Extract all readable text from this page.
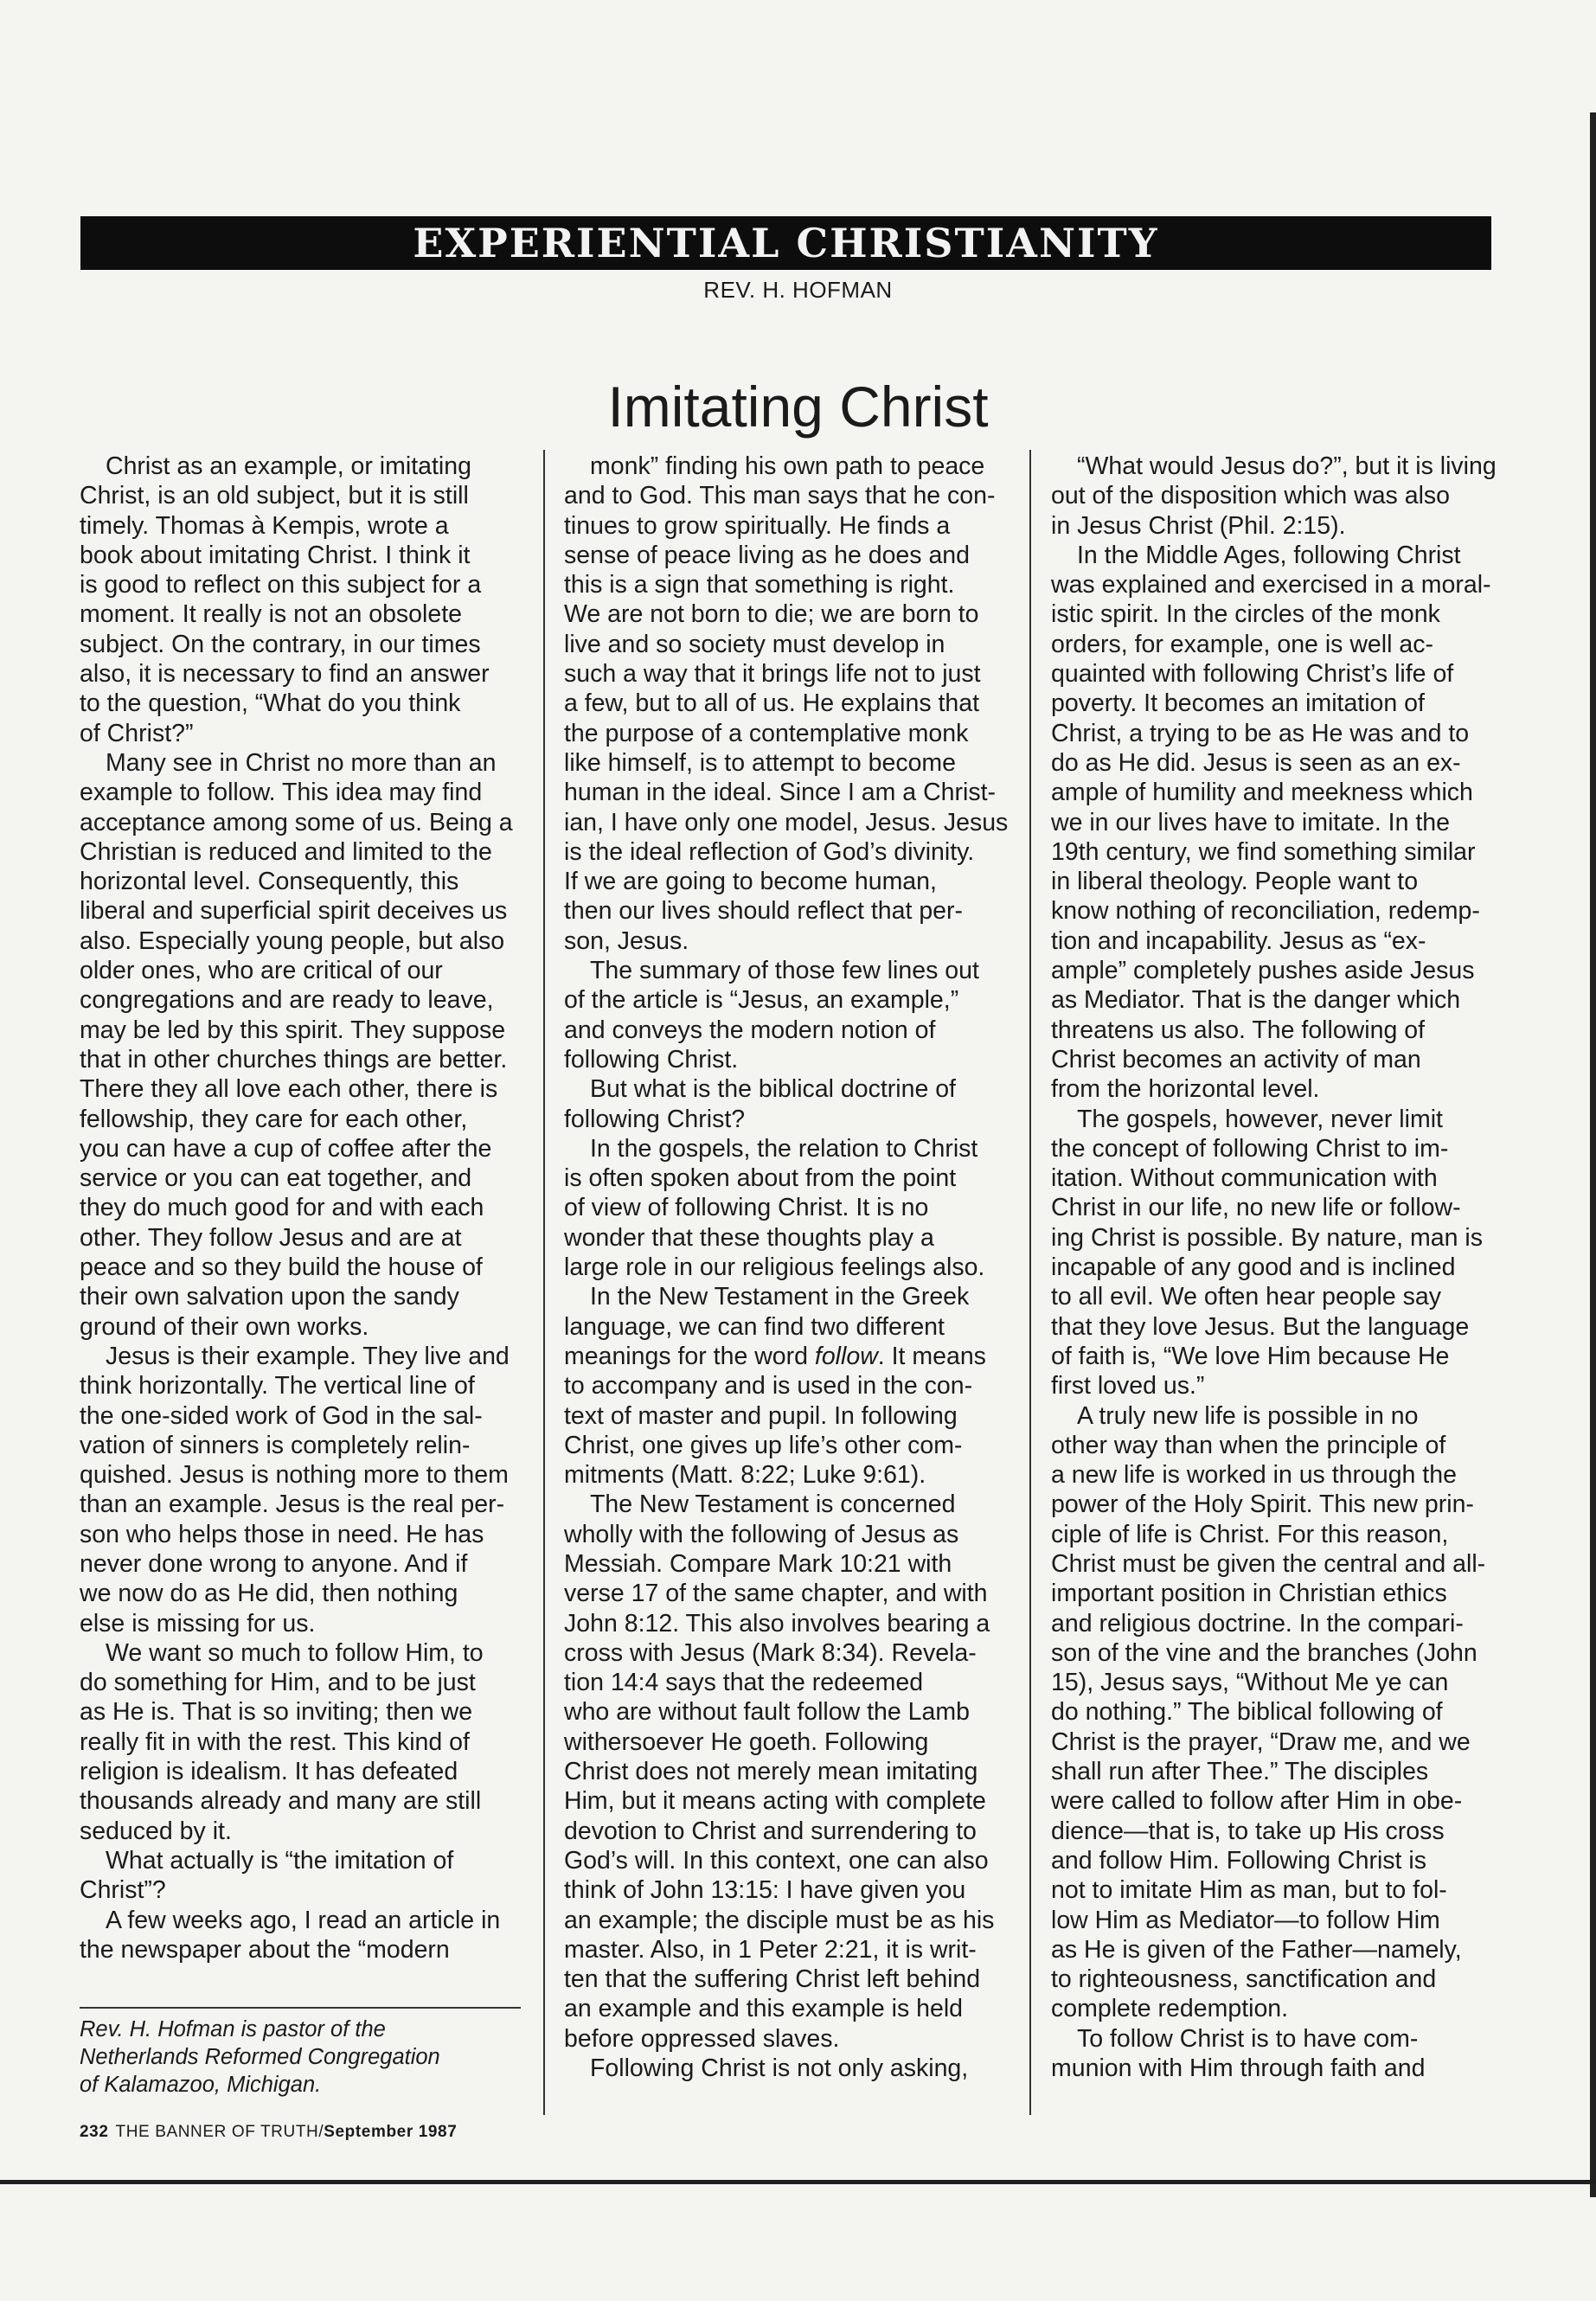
EXPERIENTIAL CHRISTIANITY
REV. H. HOFMAN
Imitating Christ

Christ as an example, or imitating
Christ, is an old subject, but it is still
timely. Thomas à Kempis, wrote a
book about imitating Christ. I think it
is good to reflect on this subject for a
moment. It really is not an obsolete
subject. On the contrary, in our times
also, it is necessary to find an answer
to the question, “What do you think
of Christ?”

Many see in Christ no more than an
example to follow. This idea may find
acceptance among some of us. Being a
Christian is reduced and limited to the
horizontal level. Consequently, this
liberal and superficial spirit deceives us
also. Especially young people, but also
older ones, who are critical of our
congregations and are ready to leave,
may be led by this spirit. They suppose
that in other churches things are better.
There they all love each other, there is
fellowship, they care for each other,
you can have a cup of coffee after the
service or you can eat together, and
they do much good for and with each
other. They follow Jesus and are at
peace and so they build the house of
their own salvation upon the sandy
ground of their own works.

Jesus is their example. They live and
think horizontally. The vertical line of
the one-sided work of God in the sal-
vation of sinners is completely relin-
quished. Jesus is nothing more to them
than an example. Jesus is the real per-
son who helps those in need. He has
never done wrong to anyone. And if
we now do as He did, then nothing
else is missing for us.

We want so much to follow Him, to
do something for Him, and to be just
as He is. That is so inviting; then we
really fit in with the rest. This kind of
religion is idealism. It has defeated
thousands already and many are still
seduced by it.

What actually is “the imitation of
Christ”?

A few weeks ago, I read an article in
the newspaper about the “modern

monk” finding his own path to peace
and to God. This man says that he con-
tinues to grow spiritually. He finds a
sense of peace living as he does and
this is a sign that something is right.
We are not born to die; we are born to
live and so society must develop in
such a way that it brings life not to just
a few, but to all of us. He explains that
the purpose of a contemplative monk
like himself, is to attempt to become
human in the ideal. Since I am a Christ-
ian, I have only one model, Jesus. Jesus
is the ideal reflection of God’s divinity.
If we are going to become human,
then our lives should reflect that per-
son, Jesus.

The summary of those few lines out
of the article is “Jesus, an example,”
and conveys the modern notion of
following Christ.

But what is the biblical doctrine of
following Christ?

In the gospels, the relation to Christ
is often spoken about from the point
of view of following Christ. It is no
wonder that these thoughts play a
large role in our religious feelings also.

In the New Testament in the Greek
language, we can find two different
meanings for the word follow. It means
to accompany and is used in the con-
text of master and pupil. In following
Christ, one gives up life’s other com-
mitments (Matt. 8:22; Luke 9:61).

The New Testament is concerned
wholly with the following of Jesus as
Messiah. Compare Mark 10:21 with
verse 17 of the same chapter, and with
John 8:12. This also involves bearing a
cross with Jesus (Mark 8:34). Revela-
tion 14:4 says that the redeemed
who are without fault follow the Lamb
withersoever He goeth. Following
Christ does not merely mean imitating
Him, but it means acting with complete
devotion to Christ and surrendering to
God’s will. In this context, one can also
think of John 13:15: I have given you
an example; the disciple must be as his
master. Also, in 1 Peter 2:21, it is writ-
ten that the suffering Christ left behind
an example and this example is held
before oppressed slaves.

Following Christ is not only asking,

“What would Jesus do?”, but it is living
out of the disposition which was also
in Jesus Christ (Phil. 2:15).

In the Middle Ages, following Christ
was explained and exercised in a moral-
istic spirit. In the circles of the monk
orders, for example, one is well ac-
quainted with following Christ’s life of
poverty. It becomes an imitation of
Christ, a trying to be as He was and to
do as He did. Jesus is seen as an ex-
ample of humility and meekness which
we in our lives have to imitate. In the
19th century, we find something similar
in liberal theology. People want to
know nothing of reconciliation, redemp-
tion and incapability. Jesus as “ex-
ample” completely pushes aside Jesus
as Mediator. That is the danger which
threatens us also. The following of
Christ becomes an activity of man
from the horizontal level.

The gospels, however, never limit
the concept of following Christ to im-
itation. Without communication with
Christ in our life, no new life or follow-
ing Christ is possible. By nature, man is
incapable of any good and is inclined
to all evil. We often hear people say
that they love Jesus. But the language
of faith is, “We love Him because He
first loved us.”

A truly new life is possible in no
other way than when the principle of
a new life is worked in us through the
power of the Holy Spirit. This new prin-
ciple of life is Christ. For this reason,
Christ must be given the central and all-
important position in Christian ethics
and religious doctrine. In the compari-
son of the vine and the branches (John
15), Jesus says, “Without Me ye can
do nothing.” The biblical following of
Christ is the prayer, “Draw me, and we
shall run after Thee.” The disciples
were called to follow after Him in obe-
dience—that is, to take up His cross
and follow Him. Following Christ is
not to imitate Him as man, but to fol-
low Him as Mediator—to follow Him
as He is given of the Father—namely,
to righteousness, sanctification and
complete redemption.

To follow Christ is to have com-
munion with Him through faith and

Rev. H. Hofman is pastor of the
Netherlands Reformed Congregation
of Kalamazoo, Michigan.
232 THE BANNER OF TRUTH/September 1987
